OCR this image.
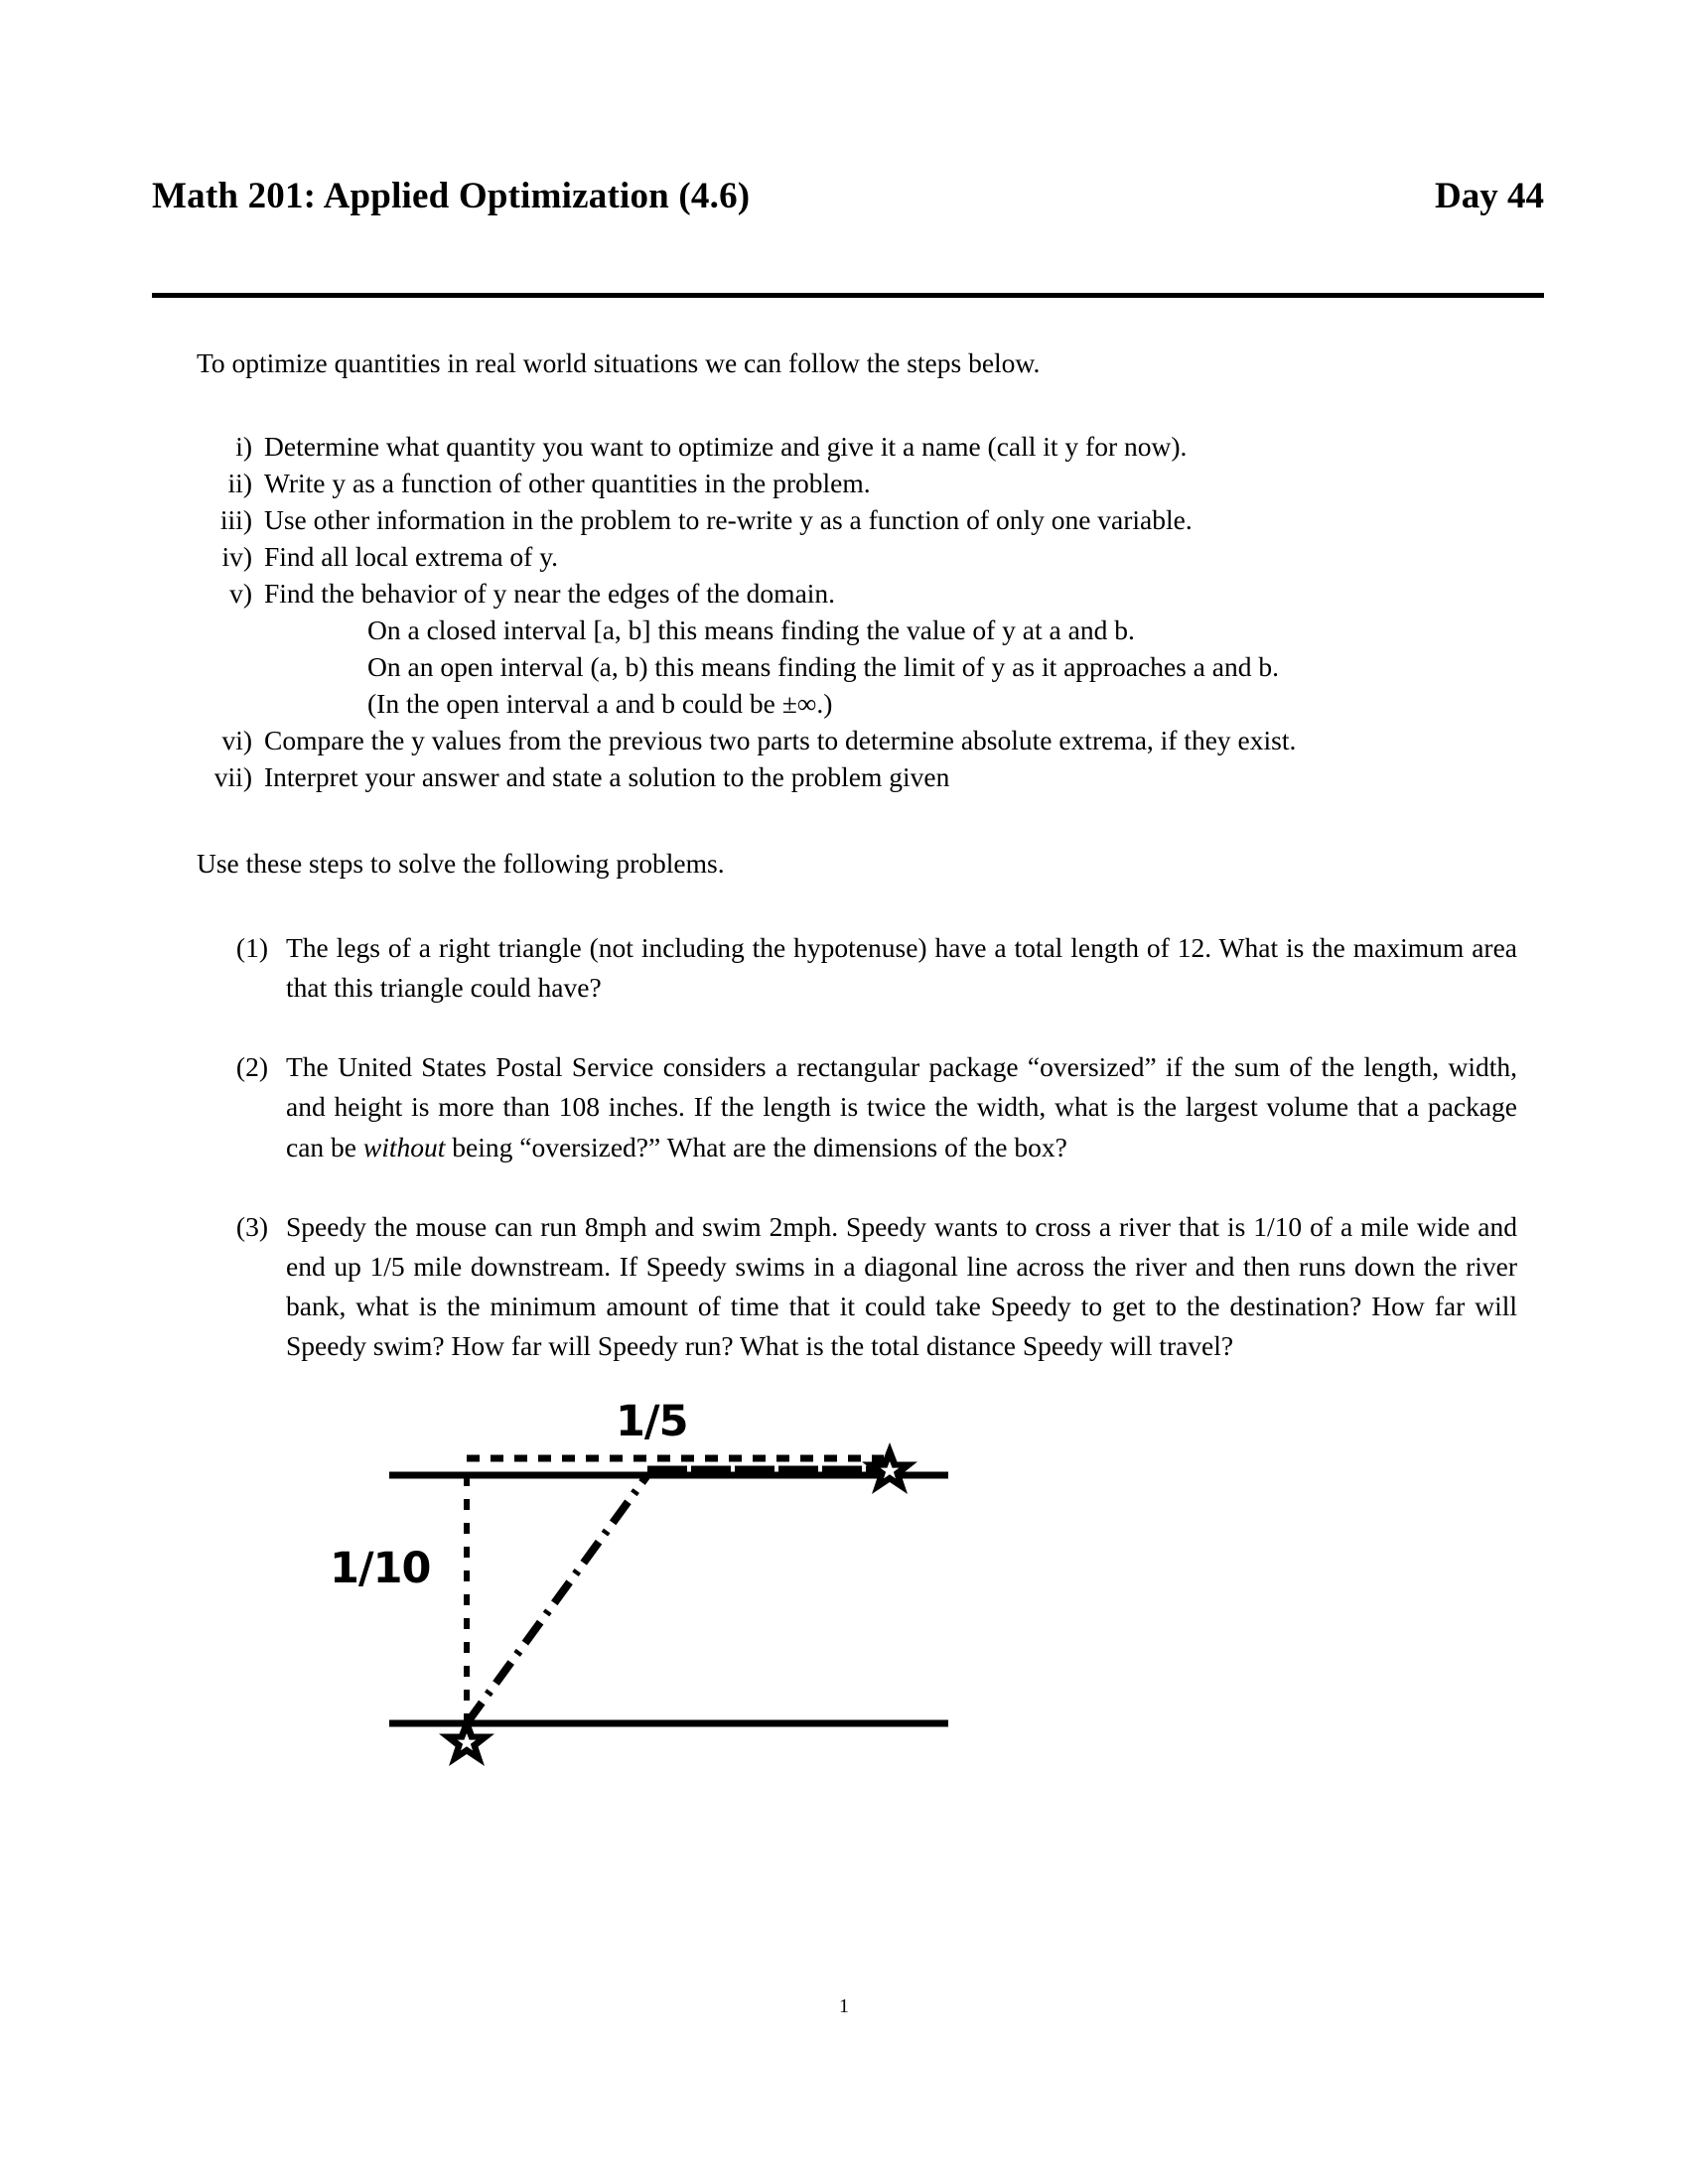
Math 201: Applied Optimization (4.6)	Day 44
To optimize quantities in real world situations we can follow the steps below.
i) Determine what quantity you want to optimize and give it a name (call it y for now).
ii) Write y as a function of other quantities in the problem.
iii) Use other information in the problem to re-write y as a function of only one variable.
iv) Find all local extrema of y.
v) Find the behavior of y near the edges of the domain.
On a closed interval [a, b] this means finding the value of y at a and b.
On an open interval (a, b) this means finding the limit of y as it approaches a and b.
(In the open interval a and b could be ±∞.)
vi) Compare the y values from the previous two parts to determine absolute extrema, if they exist.
vii) Interpret your answer and state a solution to the problem given
Use these steps to solve the following problems.
(1) The legs of a right triangle (not including the hypotenuse) have a total length of 12. What is the maximum area that this triangle could have?
(2) The United States Postal Service considers a rectangular package “oversized” if the sum of the length, width, and height is more than 108 inches. If the length is twice the width, what is the largest volume that a package can be without being “oversized?” What are the dimensions of the box?
(3) Speedy the mouse can run 8mph and swim 2mph. Speedy wants to cross a river that is 1/10 of a mile wide and end up 1/5 mile downstream. If Speedy swims in a diagonal line across the river and then runs down the river bank, what is the minimum amount of time that it could take Speedy to get to the destination? How far will Speedy swim? How far will Speedy run? What is the total distance Speedy will travel?
1/5
1/10
1
